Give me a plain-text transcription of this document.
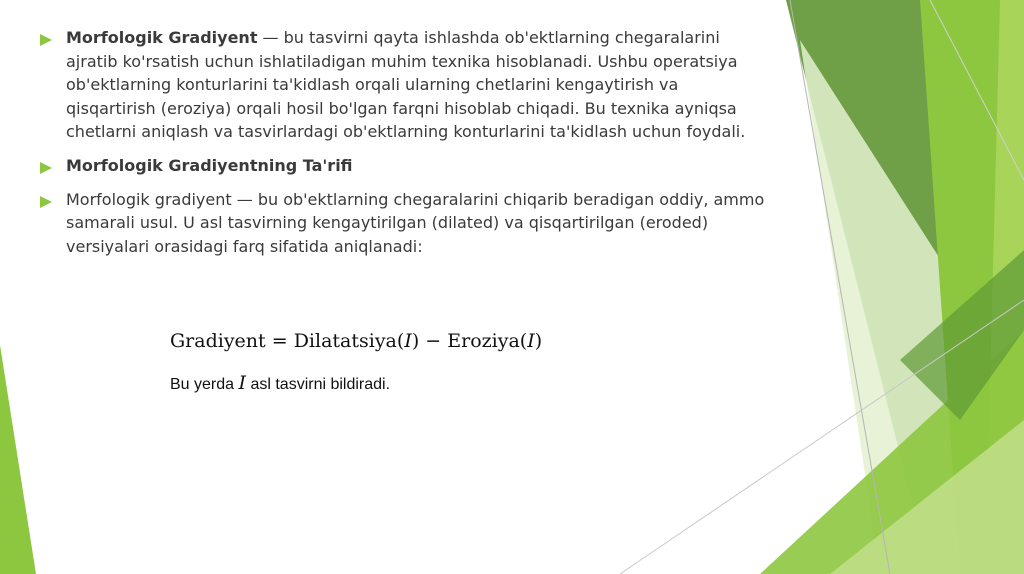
Morfologik Gradiyent — bu tasvirni qayta ishlashda ob'ektlarning chegaralarini ajratib ko'rsatish uchun ishlatiladigan muhim texnika hisoblanadi. Ushbu operatsiya ob'ektlarning konturlarini ta'kidlash orqali ularning chetlarini kengaytirish va qisqartirish (eroziya) orqali hosil bo'lgan farqni hisoblab chiqadi. Bu texnika ayniqsa chetlarni aniqlash va tasvirlardagi ob'ektlarning konturlarini ta'kidlash uchun foydali.
Morfologik Gradiyentning Ta'rifi
Morfologik gradiyent — bu ob'ektlarning chegaralarini chiqarib beradigan oddiy, ammo samarali usul. U asl tasvirning kengaytirilgan (dilated) va qisqartirilgan (eroded) versiyalari orasidagi farq sifatida aniqlanadi:
Gradiyent = Dilatatsiya(I) − Eroziya(I)
Bu yerda I asl tasvirni bildiradi.
